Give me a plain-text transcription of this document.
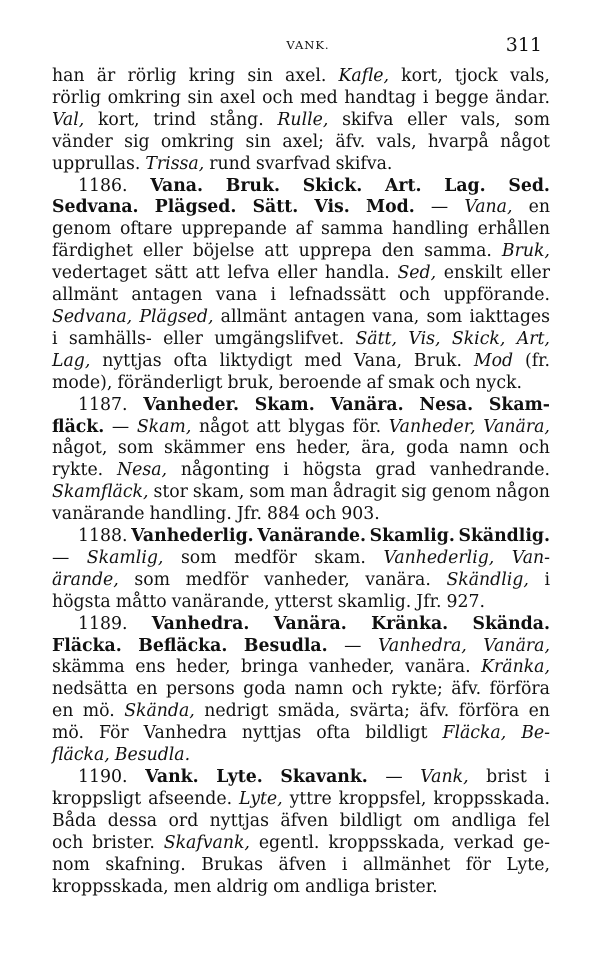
VANK.	311
han är rörlig kring sin axel. Kafle, kort, tjock vals,
rörlig omkring sin axel och med handtag i begge ändar.
Val, kort, trind stång. Rulle, skifva eller vals, som
vänder sig omkring sin axel; äfv. vals, hvarpå något
upprullas. Trissa, rund svarfvad skifva.
1186. Vana. Bruk. Skick. Art. Lag. Sed.
Sedvana. Plägsed. Sätt. Vis. Mod. — Vana, en
genom oftare upprepande af samma handling erhållen
färdighet eller böjelse att upprepa den samma. Bruk,
vedertaget sätt att lefva eller handla. Sed, enskilt eller
allmänt antagen vana i lefnadssätt och uppförande.
Sedvana, Plägsed, allmänt antagen vana, som iakttages
i samhälls- eller umgängslifvet. Sätt, Vis, Skick, Art,
Lag, nyttjas ofta liktydigt med Vana, Bruk. Mod (fr.
mode), föränderligt bruk, beroende af smak och nyck.
1187. Vanheder. Skam. Vanära. Nesa. Skam-
fläck. — Skam, något att blygas för. Vanheder, Vanära,
något, som skämmer ens heder, ära, goda namn och
rykte. Nesa, någonting i högsta grad vanhedrande.
Skamfläck, stor skam, som man ådragit sig genom någon
vanärande handling. Jfr. 884 och 903.
1188. Vanhederlig. Vanärande. Skamlig. Skändlig.
— Skamlig, som medför skam. Vanhederlig, Van-
ärande, som medför vanheder, vanära. Skändlig, i
högsta måtto vanärande, ytterst skamlig. Jfr. 927.
1189. Vanhedra. Vanära. Kränka. Skända.
Fläcka. Befläcka. Besudla. — Vanhedra, Vanära,
skämma ens heder, bringa vanheder, vanära. Kränka,
nedsätta en persons goda namn och rykte; äfv. förföra
en mö. Skända, nedrigt smäda, svärta; äfv. förföra en
mö. För Vanhedra nyttjas ofta bildligt Fläcka, Be-
fläcka, Besudla.
1190. Vank. Lyte. Skavank. — Vank, brist i
kroppsligt afseende. Lyte, yttre kroppsfel, kroppsskada.
Båda dessa ord nyttjas äfven bildligt om andliga fel
och brister. Skafvank, egentl. kroppsskada, verkad ge-
nom skafning. Brukas äfven i allmänhet för Lyte,
kroppsskada, men aldrig om andliga brister.
